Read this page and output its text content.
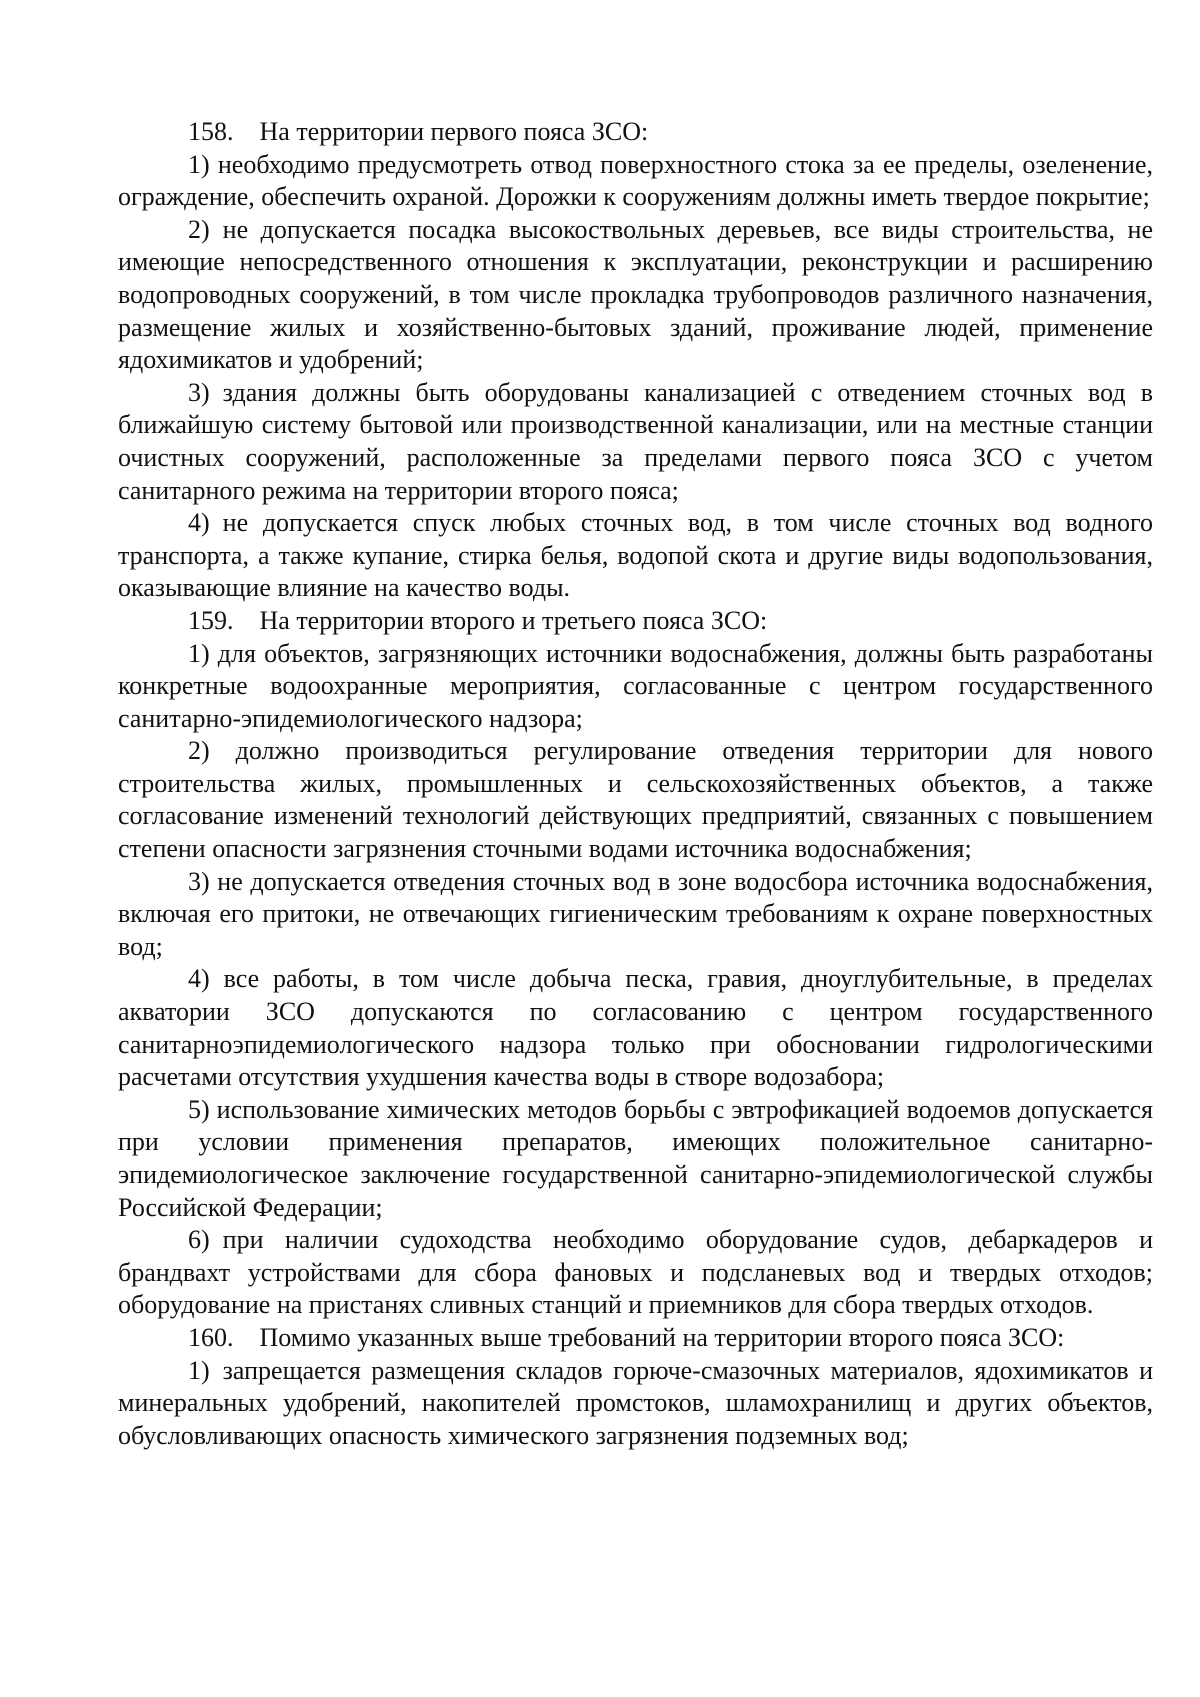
158. На территории первого пояса ЗСО:

1) необходимо предусмотреть отвод поверхностного стока за ее пределы, озеленение, ограждение, обеспечить охраной. Дорожки к сооружениям должны иметь твердое покрытие;

2) не допускается посадка высокоствольных деревьев, все виды строительства, не имеющие непосредственного отношения к эксплуатации, реконструкции и расширению водопроводных сооружений, в том числе прокладка трубопроводов различного назначения, размещение жилых и хозяйственно-бытовых зданий, проживание людей, применение ядохимикатов и удобрений;

3) здания должны быть оборудованы канализацией с отведением сточных вод в ближайшую систему бытовой или производственной канализации, или на местные станции очистных сооружений, расположенные за пределами первого пояса ЗСО с учетом санитарного режима на территории второго пояса;

4) не допускается спуск любых сточных вод, в том числе сточных вод водного транспорта, а также купание, стирка белья, водопой скота и другие виды водопользования, оказывающие влияние на качество воды.

159. На территории второго и третьего пояса ЗСО:

1) для объектов, загрязняющих источники водоснабжения, должны быть разработаны конкретные водоохранные мероприятия, согласованные с центром государственного санитарно-эпидемиологического надзора;

2) должно производиться регулирование отведения территории для нового строительства жилых, промышленных и сельскохозяйственных объектов, а также согласование изменений технологий действующих предприятий, связанных с повышением степени опасности загрязнения сточными водами источника водоснабжения;

3) не допускается отведения сточных вод в зоне водосбора источника водоснабжения, включая его притоки, не отвечающих гигиеническим требованиям к охране поверхностных вод;

4) все работы, в том числе добыча песка, гравия, дноуглубительные, в пределах акватории ЗСО допускаются по согласованию с центром государственного санитарноэпидемиологического надзора только при обосновании гидрологическими расчетами отсутствия ухудшения качества воды в створе водозабора;

5) использование химических методов борьбы с эвтрофикацией водоемов допускается при условии применения препаратов, имеющих положительное санитарно-эпидемиологическое заключение государственной санитарно-эпидемиологической службы Российской Федерации;

6) при наличии судоходства необходимо оборудование судов, дебаркадеров и брандвахт устройствами для сбора фановых и подсланевых вод и твердых отходов; оборудование на пристанях сливных станций и приемников для сбора твердых отходов.

160. Помимо указанных выше требований на территории второго пояса ЗСО:

1) запрещается размещения складов горюче-смазочных материалов, ядохимикатов и минеральных удобрений, накопителей промстоков, шламохранилищ и других объектов, обусловливающих опасность химического загрязнения подземных вод;
